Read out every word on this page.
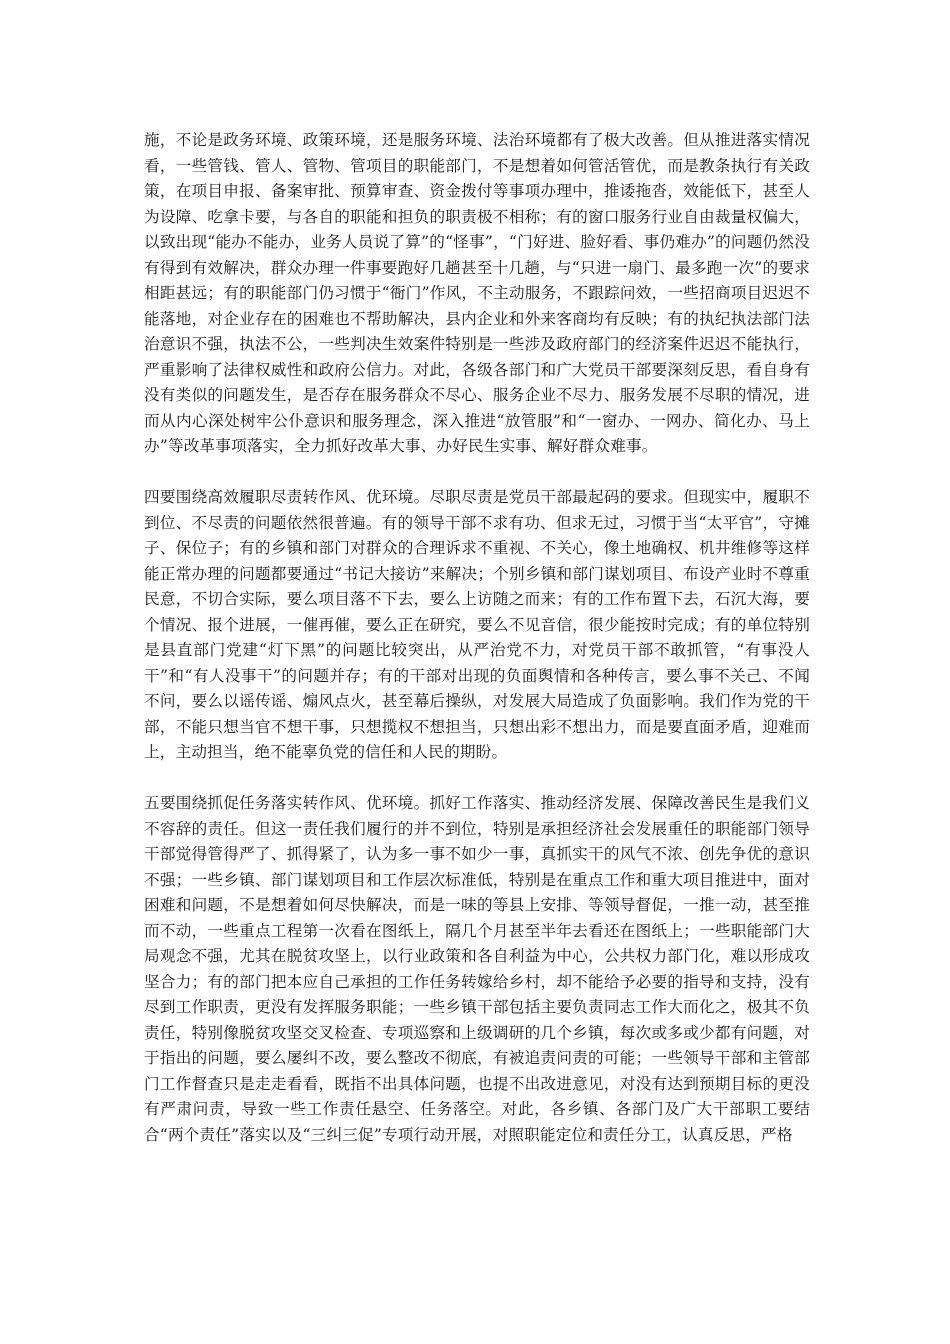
施，不论是政务环境、政策环境，还是服务环境、法治环境都有了极大改善。但从推进落实情况看，一些管钱、管人、管物、管项目的职能部门，不是想着如何管活管优，而是教条执行有关政策，在项目申报、备案审批、预算审查、资金拨付等事项办理中，推诿拖沓，效能低下，甚至人为设障、吃拿卡要，与各自的职能和担负的职责极不相称；有的窗口服务行业自由裁量权偏大，以致出现“能办不能办，业务人员说了算”的“怪事”，“门好进、脸好看、事仍难办”的问题仍然没有得到有效解决，群众办理一件事要跑好几趟甚至十几趟，与“只进一扇门、最多跑一次”的要求相距甚远；有的职能部门仍习惯于“衙门”作风，不主动服务，不跟踪问效，一些招商项目迟迟不能落地，对企业存在的困难也不帮助解决，县内企业和外来客商均有反映；有的执纪执法部门法治意识不强，执法不公，一些判决生效案件特别是一些涉及政府部门的经济案件迟迟不能执行，严重影响了法律权威性和政府公信力。对此，各级各部门和广大党员干部要深刻反思，看自身有没有类似的问题发生，是否存在服务群众不尽心、服务企业不尽力、服务发展不尽职的情况，进而从内心深处树牢公仆意识和服务理念，深入推进“放管服”和“一窗办、一网办、简化办、马上办”等改革事项落实，全力抓好改革大事、办好民生实事、解好群众难事。

四要围绕高效履职尽责转作风、优环境。尽职尽责是党员干部最起码的要求。但现实中，履职不到位、不尽责的问题依然很普遍。有的领导干部不求有功、但求无过，习惯于当“太平官”，守摊子、保位子；有的乡镇和部门对群众的合理诉求不重视、不关心，像土地确权、机井维修等这样能正常办理的问题都要通过“书记大接访”来解决；个别乡镇和部门谋划项目、布设产业时不尊重民意，不切合实际，要么项目落不下去，要么上访随之而来；有的工作布置下去，石沉大海，要个情况、报个进展，一催再催，要么正在研究，要么不见音信，很少能按时完成；有的单位特别是县直部门党建“灯下黑”的问题比较突出，从严治党不力，对党员干部不敢抓管，“有事没人干”和“有人没事干”的问题并存；有的干部对出现的负面舆情和各种传言，要么事不关己、不闻不问，要么以谣传谣、煽风点火，甚至幕后操纵，对发展大局造成了负面影响。我们作为党的干部，不能只想当官不想干事，只想揽权不想担当，只想出彩不想出力，而是要直面矛盾，迎难而上，主动担当，绝不能辜负党的信任和人民的期盼。

五要围绕抓促任务落实转作风、优环境。抓好工作落实、推动经济发展、保障改善民生是我们义不容辞的责任。但这一责任我们履行的并不到位，特别是承担经济社会发展重任的职能部门领导干部觉得管得严了、抓得紧了，认为多一事不如少一事，真抓实干的风气不浓、创先争优的意识不强；一些乡镇、部门谋划项目和工作层次标准低，特别是在重点工作和重大项目推进中，面对困难和问题，不是想着如何尽快解决，而是一味的等县上安排、等领导督促，一推一动，甚至推而不动，一些重点工程第一次看在图纸上，隔几个月甚至半年去看还在图纸上；一些职能部门大局观念不强，尤其在脱贫攻坚上，以行业政策和各自利益为中心，公共权力部门化，难以形成攻坚合力；有的部门把本应自己承担的工作任务转嫁给乡村，却不能给予必要的指导和支持，没有尽到工作职责，更没有发挥服务职能；一些乡镇干部包括主要负责同志工作大而化之，极其不负责任，特别像脱贫攻坚交叉检查、专项巡察和上级调研的几个乡镇，每次或多或少都有问题，对于指出的问题，要么屡纠不改，要么整改不彻底，有被追责问责的可能；一些领导干部和主管部门工作督查只是走走看看，既指不出具体问题，也提不出改进意见，对没有达到预期目标的更没有严肃问责，导致一些工作责任悬空、任务落空。对此，各乡镇、各部门及广大干部职工要结合“两个责任”落实以及“三纠三促”专项行动开展，对照职能定位和责任分工，认真反思，严格
